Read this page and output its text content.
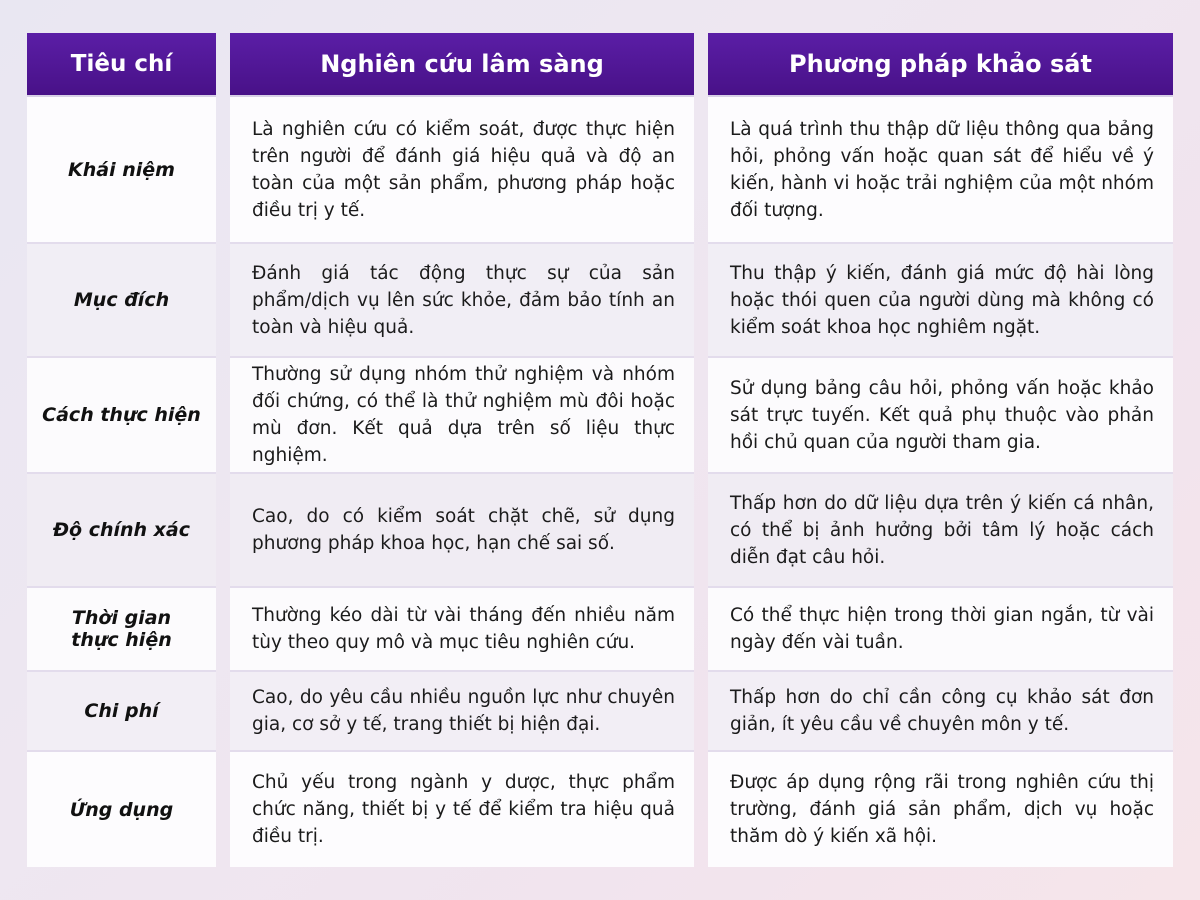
Tiêu chí
Khái niệm
Mục đích
Cách thực hiện
Độ chính xác
Thời gian thực hiện
Chi phí
Ứng dụng
Nghiên cứu lâm sàng
Là nghiên cứu có kiểm soát, được thực hiện trên người để đánh giá hiệu quả và độ an toàn của một sản phẩm, phương pháp hoặc điều trị y tế.
Đánh giá tác động thực sự của sản phẩm/dịch vụ lên sức khỏe, đảm bảo tính an toàn và hiệu quả.
Thường sử dụng nhóm thử nghiệm và nhóm đối chứng, có thể là thử nghiệm mù đôi hoặc mù đơn. Kết quả dựa trên số liệu thực nghiệm.
Cao, do có kiểm soát chặt chẽ, sử dụng phương pháp khoa học, hạn chế sai số.
Thường kéo dài từ vài tháng đến nhiều năm tùy theo quy mô và mục tiêu nghiên cứu.
Cao, do yêu cầu nhiều nguồn lực như chuyên gia, cơ sở y tế, trang thiết bị hiện đại.
Chủ yếu trong ngành y dược, thực phẩm chức năng, thiết bị y tế để kiểm tra hiệu quả điều trị.
Phương pháp khảo sát
Là quá trình thu thập dữ liệu thông qua bảng hỏi, phỏng vấn hoặc quan sát để hiểu về ý kiến, hành vi hoặc trải nghiệm của một nhóm đối tượng.
Thu thập ý kiến, đánh giá mức độ hài lòng hoặc thói quen của người dùng mà không có kiểm soát khoa học nghiêm ngặt.
Sử dụng bảng câu hỏi, phỏng vấn hoặc khảo sát trực tuyến. Kết quả phụ thuộc vào phản hồi chủ quan của người tham gia.
Thấp hơn do dữ liệu dựa trên ý kiến cá nhân, có thể bị ảnh hưởng bởi tâm lý hoặc cách diễn đạt câu hỏi.
Có thể thực hiện trong thời gian ngắn, từ vài ngày đến vài tuần.
Thấp hơn do chỉ cần công cụ khảo sát đơn giản, ít yêu cầu về chuyên môn y tế.
Được áp dụng rộng rãi trong nghiên cứu thị trường, đánh giá sản phẩm, dịch vụ hoặc thăm dò ý kiến xã hội.
